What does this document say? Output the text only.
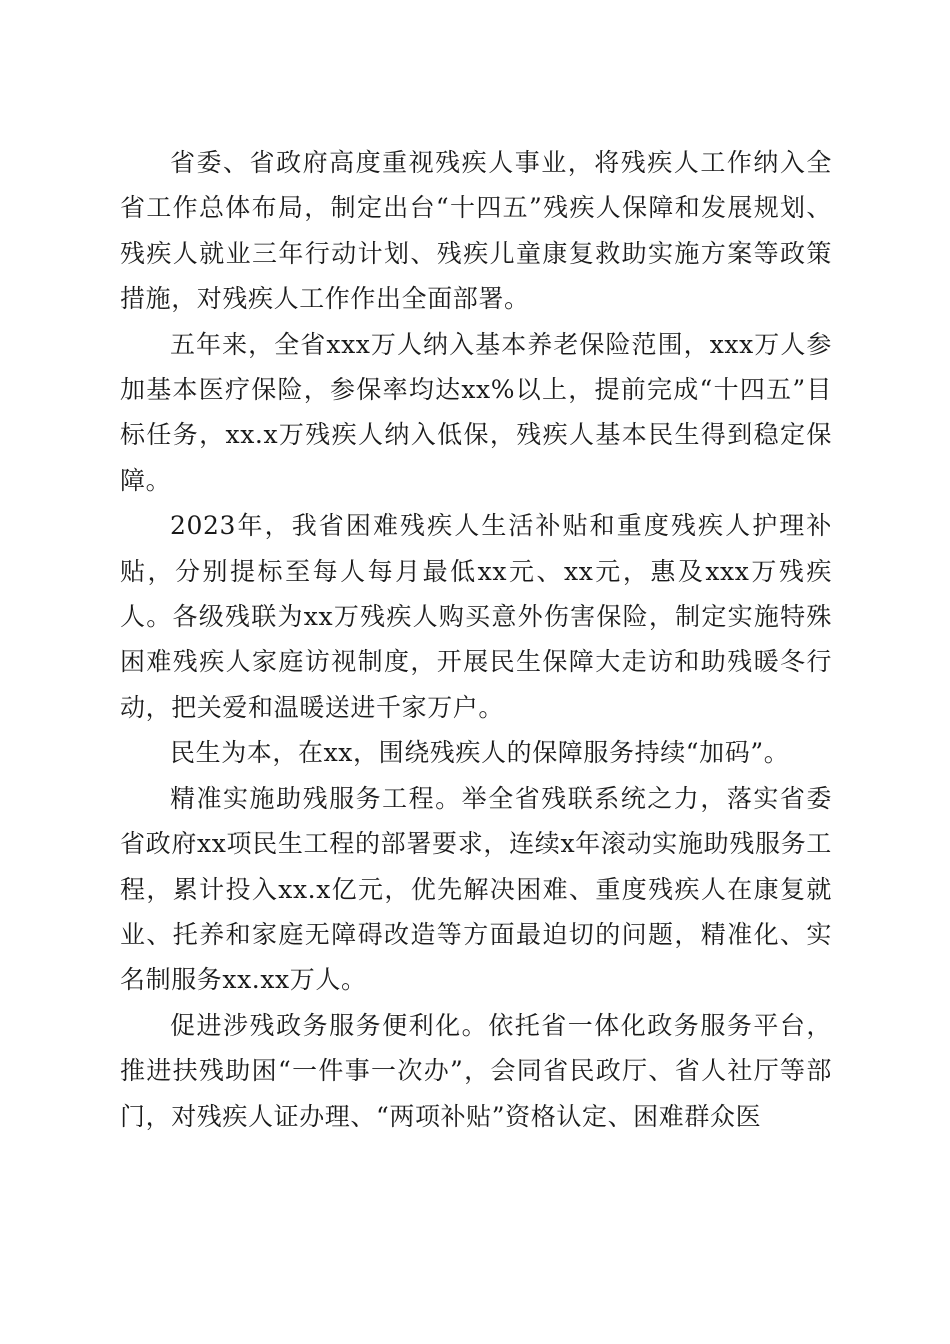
省委、省政府高度重视残疾人事业，将残疾人工作纳入全省工作总体布局，制定出台“十四五”残疾人保障和发展规划、残疾人就业三年行动计划、残疾儿童康复救助实施方案等政策措施，对残疾人工作作出全面部署。

五年来，全省xxx万人纳入基本养老保险范围，xxx万人参加基本医疗保险，参保率均达xx%以上，提前完成“十四五”目标任务，xx.x万残疾人纳入低保，残疾人基本民生得到稳定保障。

2023年，我省困难残疾人生活补贴和重度残疾人护理补贴，分别提标至每人每月最低xx元、xx元，惠及xxx万残疾人。各级残联为xx万残疾人购买意外伤害保险，制定实施特殊困难残疾人家庭访视制度，开展民生保障大走访和助残暖冬行动，把关爱和温暖送进千家万户。

民生为本，在xx，围绕残疾人的保障服务持续“加码”。

精准实施助残服务工程。举全省残联系统之力，落实省委省政府xx项民生工程的部署要求，连续x年滚动实施助残服务工程，累计投入xx.x亿元，优先解决困难、重度残疾人在康复就业、托养和家庭无障碍改造等方面最迫切的问题，精准化、实名制服务xx.xx万人。

促进涉残政务服务便利化。依托省一体化政务服务平台，推进扶残助困“一件事一次办”，会同省民政厅、省人社厅等部门，对残疾人证办理、“两项补贴”资格认定、困难群众医
